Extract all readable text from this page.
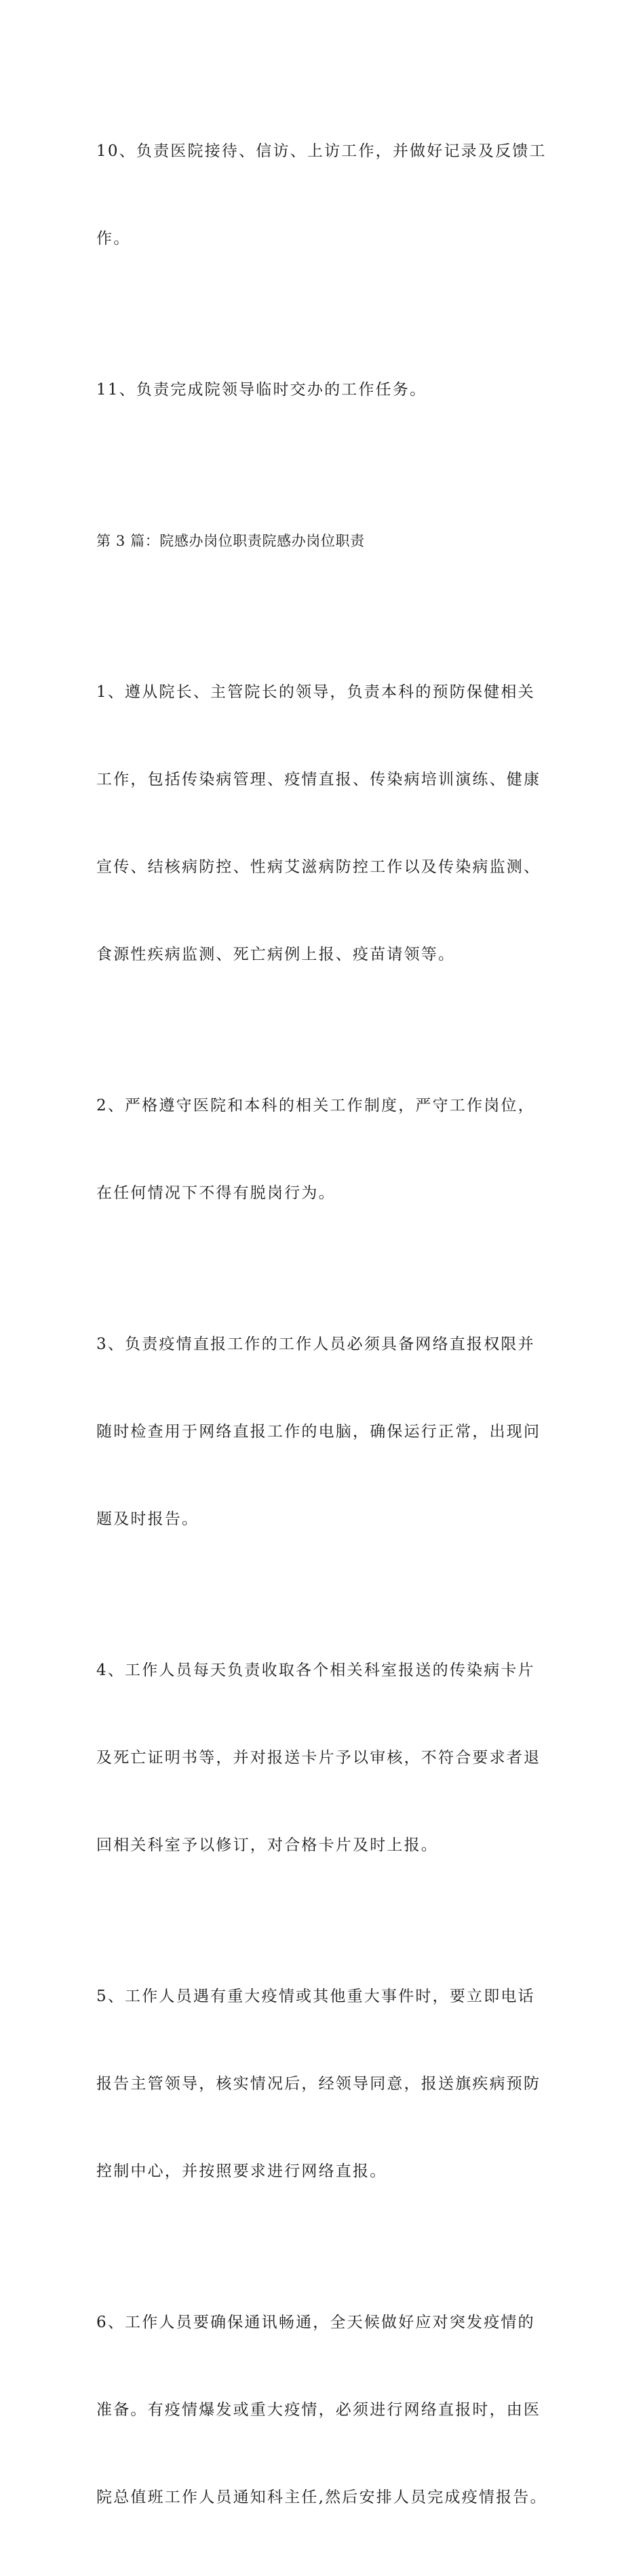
10、负责医院接待、信访、上访工作，并做好记录及反馈工

作。

11、负责完成院领导临时交办的工作任务。

第 3 篇：院感办岗位职责院感办岗位职责

1、遵从院长、主管院长的领导，负责本科的预防保健相关

工作，包括传染病管理、疫情直报、传染病培训演练、健康

宣传、结核病防控、性病艾滋病防控工作以及传染病监测、

食源性疾病监测、死亡病例上报、疫苗请领等。

2、严格遵守医院和本科的相关工作制度，严守工作岗位，

在任何情况下不得有脱岗行为。

3、负责疫情直报工作的工作人员必须具备网络直报权限并

随时检查用于网络直报工作的电脑，确保运行正常，出现问

题及时报告。

4、工作人员每天负责收取各个相关科室报送的传染病卡片

及死亡证明书等，并对报送卡片予以审核，不符合要求者退

回相关科室予以修订，对合格卡片及时上报。

5、工作人员遇有重大疫情或其他重大事件时，要立即电话

报告主管领导，核实情况后，经领导同意，报送旗疾病预防

控制中心，并按照要求进行网络直报。

6、工作人员要确保通讯畅通，全天候做好应对突发疫情的

准备。有疫情爆发或重大疫情，必须进行网络直报时，由医

院总值班工作人员通知科主任,然后安排人员完成疫情报告。
